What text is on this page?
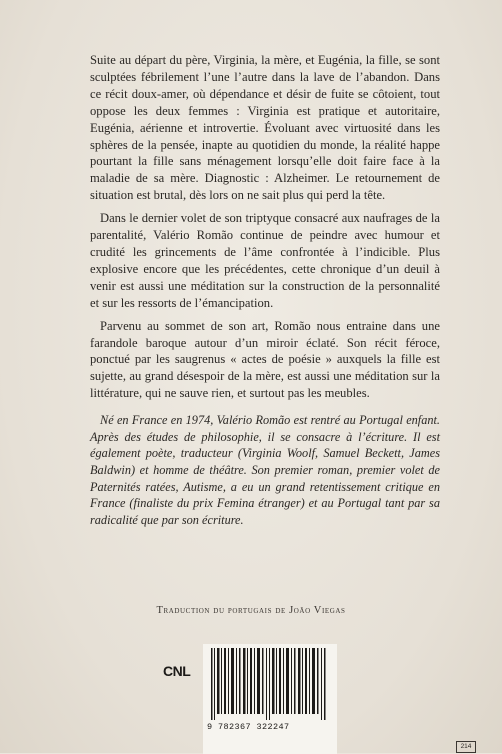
Suite au départ du père, Virginia, la mère, et Eugénia, la fille, se sont sculptées fébrilement l’une l’autre dans la lave de l’abandon. Dans ce récit doux-amer, où dépendance et désir de fuite se côtoient, tout oppose les deux femmes : Virginia est pratique et autoritaire, Eugénia, aérienne et introvertie. Évoluant avec virtuosité dans les sphères de la pensée, inapte au quotidien du monde, la réalité happe pourtant la fille sans ménagement lorsqu’elle doit faire face à la maladie de sa mère. Diagnostic : Alzheimer. Le retournement de situation est brutal, dès lors on ne sait plus qui perd la tête.

Dans le dernier volet de son triptyque consacré aux naufrages de la parentalité, Valério Romão continue de peindre avec humour et crudité les grincements de l’âme confrontée à l’indicible. Plus explosive encore que les précédentes, cette chronique d’un deuil à venir est aussi une méditation sur la construction de la personnalité et sur les ressorts de l’émancipation.

Parvenu au sommet de son art, Romão nous entraine dans une farandole baroque autour d’un miroir éclaté. Son récit féroce, ponctué par les saugrenus « actes de poésie » auxquels la fille est sujette, au grand désespoir de la mère, est aussi une méditation sur la littérature, qui ne sauve rien, et surtout pas les meubles.

Né en France en 1974, Valério Romão est rentré au Portugal enfant. Après des études de philosophie, il se consacre à l’écriture. Il est également poète, traducteur (Virginia Woolf, Samuel Beckett, James Baldwin) et homme de théâtre. Son premier roman, premier volet de Paternités ratées, Autisme, a eu un grand retentissement critique en France (finaliste du prix Femina étranger) et au Portugal tant par sa radicalité que par son écriture.

Traduction du portugais de João Viegas
CNL
9 782367 322247
214
